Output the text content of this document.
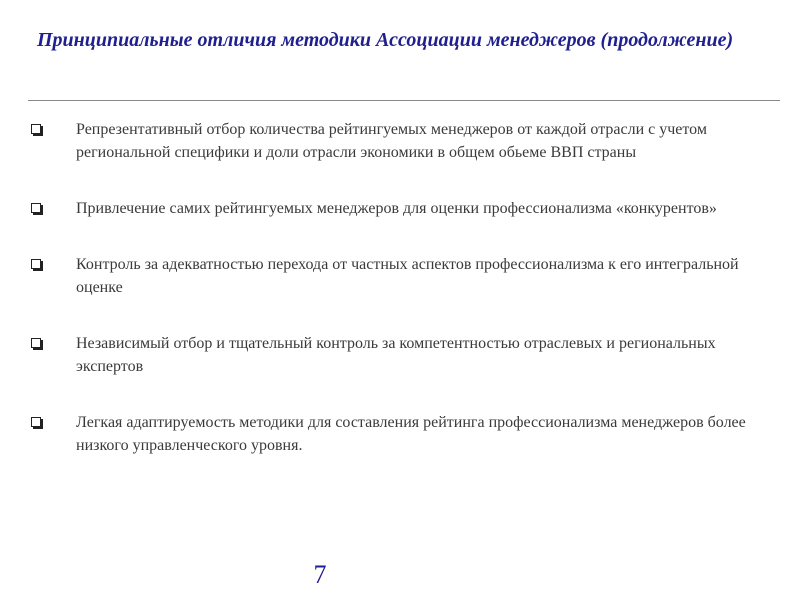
Принципиальные отличия методики Ассоциации менеджеров (продолжение)
Репрезентативный отбор количества рейтингуемых менеджеров от каждой отрасли с учетом региональной специфики и доли отрасли экономики в общем обьеме ВВП страны
Привлечение самих рейтингуемых менеджеров для оценки профессионализма «конкурентов»
Контроль за адекватностью перехода от частных аспектов профессионализма к его интегральной оценке
Независимый отбор и тщательный контроль за компетентностью отраслевых и региональных экспертов
Легкая адаптируемость методики для составления рейтинга профессионализма менеджеров более низкого управленческого уровня.
7
